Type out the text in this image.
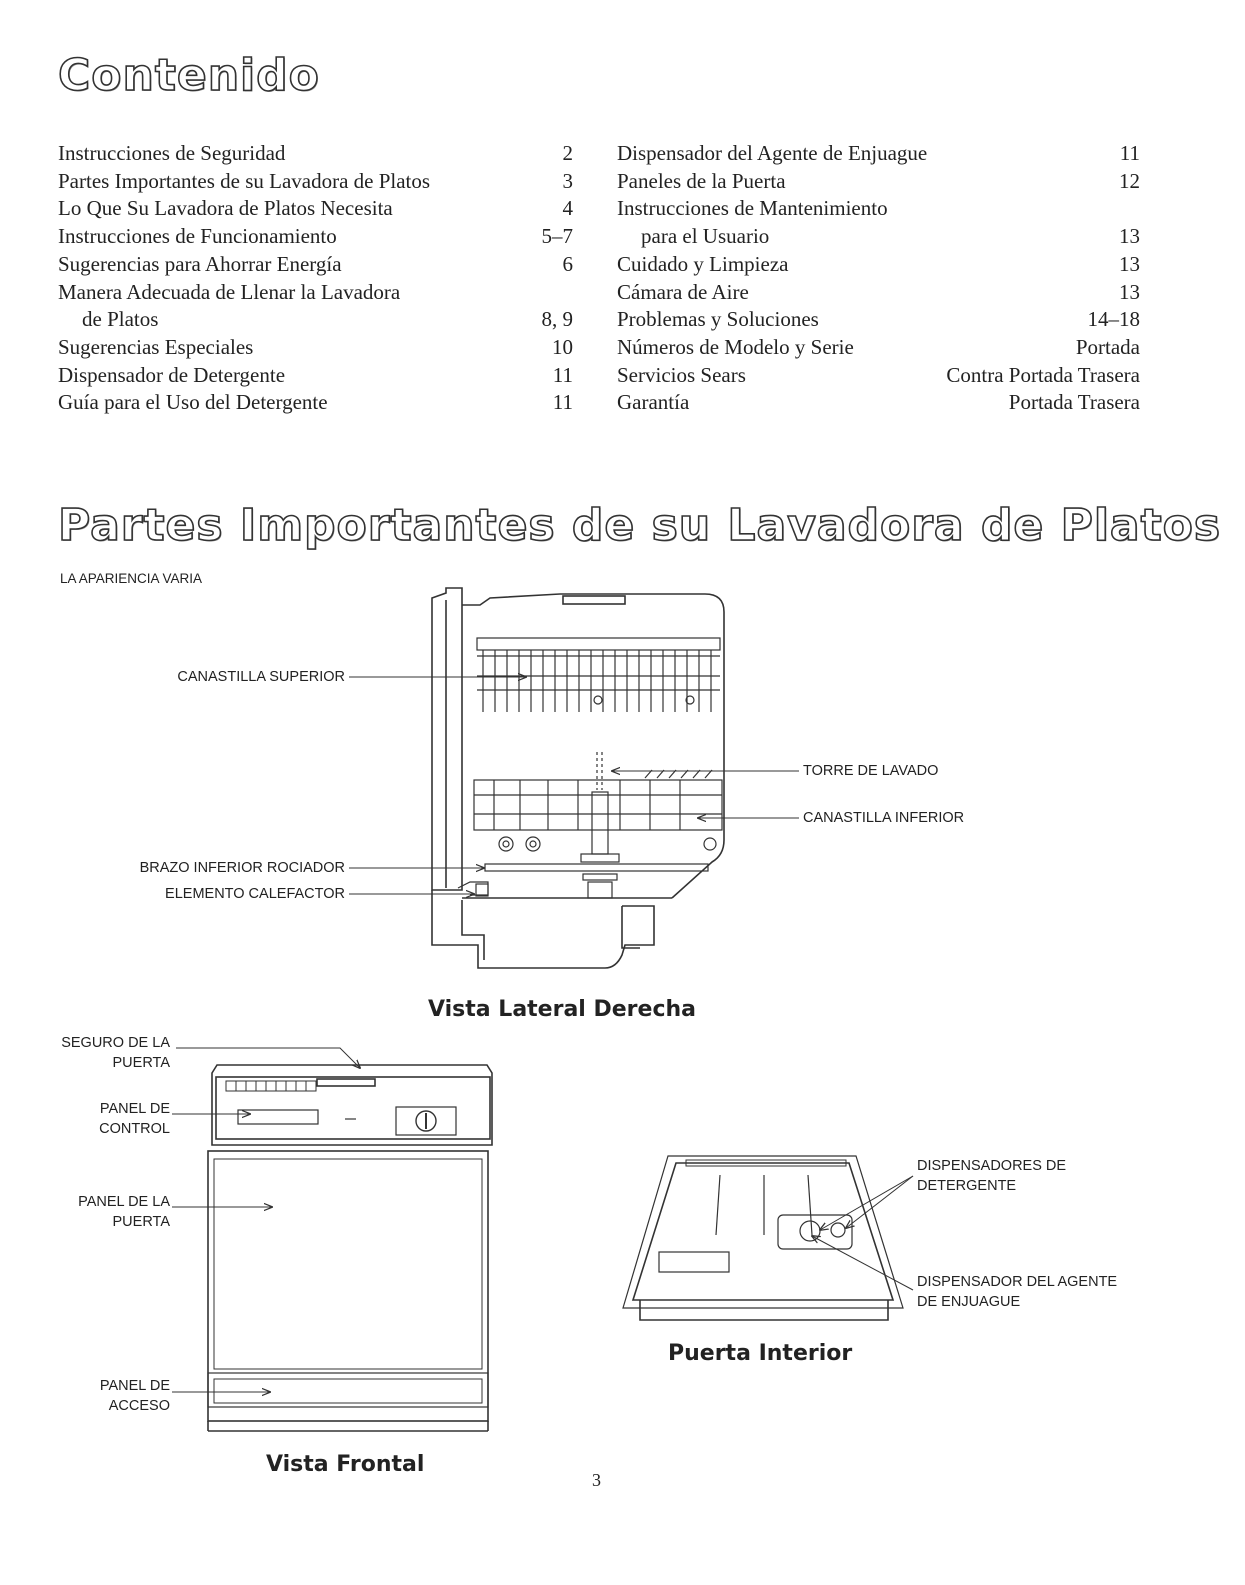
Contenido
Instrucciones de Seguridad	2
Partes Importantes de su Lavadora de Platos	3
Lo Que Su Lavadora de Platos Necesita	4
Instrucciones de Funcionamiento	5–7
Sugerencias para Ahorrar Energía	6
Manera Adecuada de Llenar la Lavadora
de Platos	8, 9
Sugerencias Especiales	10
Dispensador de Detergente	11
Guía para el Uso del Detergente	11
Dispensador del Agente de Enjuague	11
Paneles de la Puerta	12
Instrucciones de Mantenimiento
para el Usuario	13
Cuidado y Limpieza	13
Cámara de Aire	13
Problemas y Soluciones	14–18
Números de Modelo y Serie	Portada
Servicios Sears	Contra Portada Trasera
Garantía	Portada Trasera
Partes Importantes de su Lavadora de Platos
LA APARIENCIA VARIA
CANASTILLA SUPERIOR
TORRE DE LAVADO
CANASTILLA INFERIOR
BRAZO INFERIOR ROCIADOR
ELEMENTO CALEFACTOR
Vista Lateral Derecha
SEGURO DE LA
PUERTA
PANEL DE
CONTROL
PANEL DE LA
PUERTA
PANEL DE
ACCESO
Vista Frontal
DISPENSADORES DE
DETERGENTE
DISPENSADOR DEL AGENTE
DE ENJUAGUE
Puerta Interior
3
